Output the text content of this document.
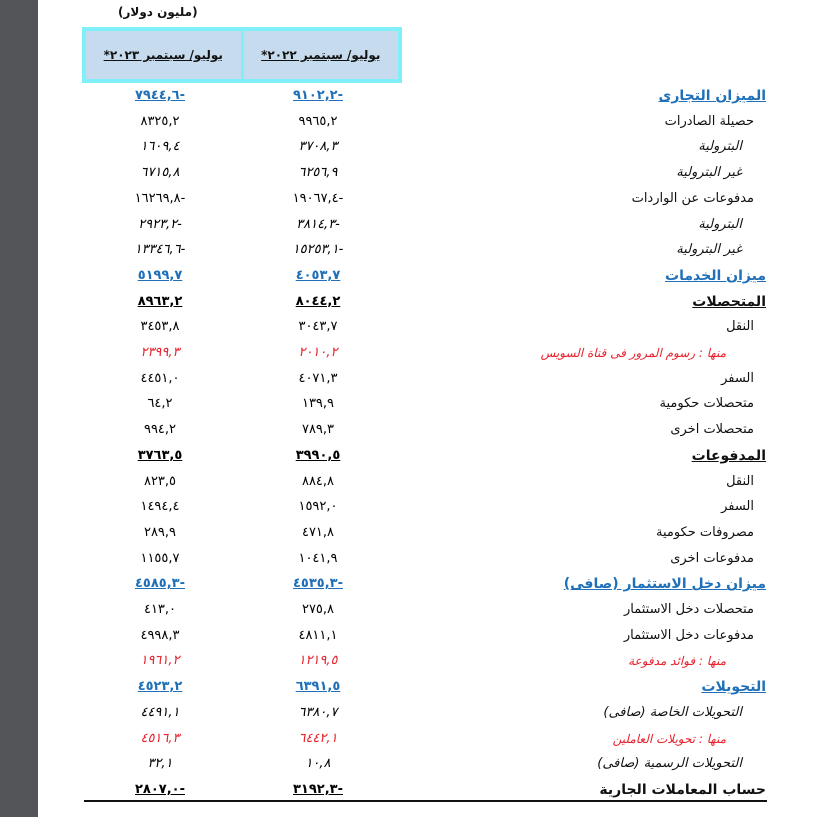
(مليون دولار)
يوليو/ سبتمبر ٢٠٢٣*	يوليو/ سبتمبر ٢٠٢٢*
٧٩٤٤,٦-	٩١٠٢,٢-	الميزان التجارى
٨٣٢٥,٢	٩٩٦٥,٢	حصيلة الصادرات
١٦٠٩,٤	٣٧٠٨,٣	البترولية
٦٧١٥,٨	٦٢٥٦,٩	غير البترولية
١٦٢٦٩,٨-	١٩٠٦٧,٤-	مدفوعات عن الواردات
٢٩٢٣,٢-	٣٨١٤,٣-	البترولية
١٣٣٤٦,٦-	١٥٢٥٣,١-	غير البترولية
٥١٩٩,٧	٤٠٥٣,٧	ميزان الخدمات
٨٩٦٣,٢	٨٠٤٤,٢	المتحصلات
٣٤٥٣,٨	٣٠٤٣,٧	النقل
٢٣٩٩,٣	٢٠١٠,٢	منها : رسوم المرور فى قناة السويس
٤٤٥١,٠	٤٠٧١,٣	السفر
٦٤,٢	١٣٩,٩	متحصلات حكومية
٩٩٤,٢	٧٨٩,٣	متحصلات اخرى
٣٧٦٣,٥	٣٩٩٠,٥	المدفوعات
٨٢٣,٥	٨٨٤,٨	النقل
١٤٩٤,٤	١٥٩٢,٠	السفر
٢٨٩,٩	٤٧١,٨	مصروفات حكومية
١١٥٥,٧	١٠٤١,٩	مدفوعات اخرى
٤٥٨٥,٣-	٤٥٣٥,٣-	ميزان دخل الاستثمار (صافى)
٤١٣,٠	٢٧٥,٨	متحصلات دخل الاستثمار
٤٩٩٨,٣	٤٨١١,١	مدفوعات دخل الاستثمار
١٩٦١,٢	١٢١٩,٥	منها : فوائد مدفوعة
٤٥٢٣,٢	٦٣٩١,٥	التحويلات
٤٤٩١,١	٦٣٨٠,٧	التحويلات الخاصة (صافى)
٤٥١٦,٣	٦٤٤٢,١	منها : تحويلات العاملين
٣٢,١	١٠,٨	التحويلات الرسمية (صافى)
٢٨٠٧,٠-	٣١٩٢,٣-	حساب المعاملات الجارية
